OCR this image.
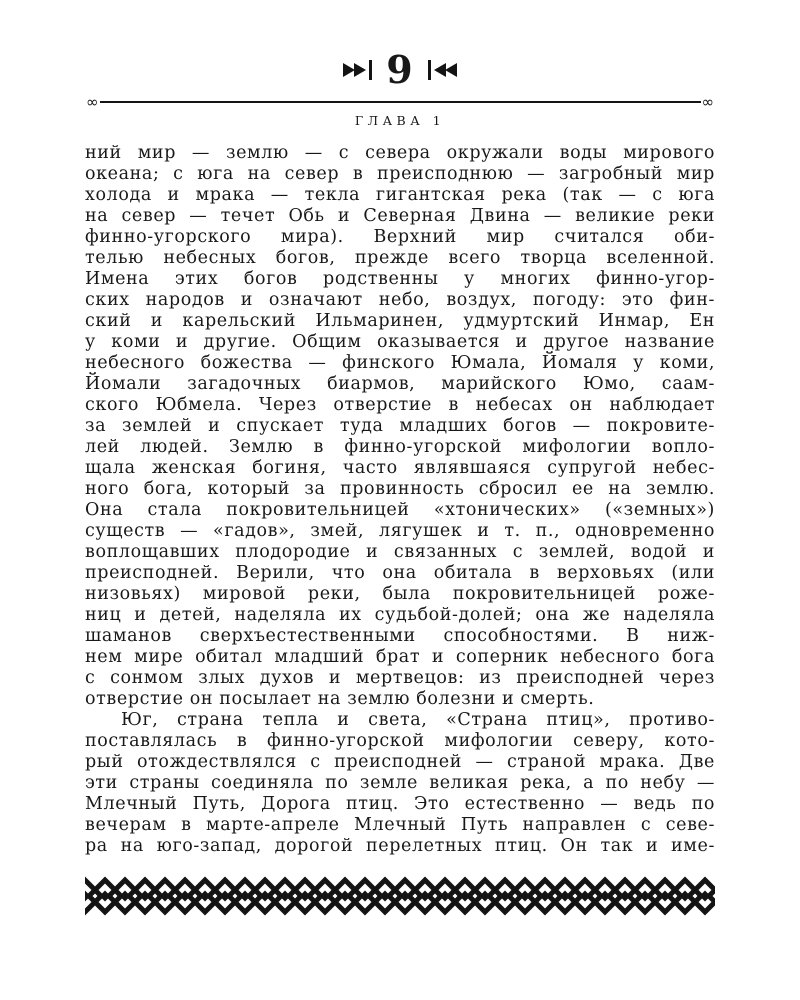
9
∞	∞
ГЛАВА 1
ний мир — землю — с севера окружали воды мирового
океана; с юга на север в преисподнюю — загробный мир
холода и мрака — текла гигантская река (так — с юга
на север — течет Обь и Северная Двина — великие реки
финно-угорского мира). Верхний мир считался оби-
телью небесных богов, прежде всего творца вселенной.
Имена этих богов родственны у многих финно-угор-
ских народов и означают небо, воздух, погоду: это фин-
ский и карельский Ильмаринен, удмуртский Инмар, Ен
у коми и другие. Общим оказывается и другое название
небесного божества — финского Юмала, Йомаля у коми,
Йомали загадочных биармов, марийского Юмо, саам-
ского Юбмела. Через отверстие в небесах он наблюдает
за землей и спускает туда младших богов — покровите-
лей людей. Землю в финно-угорской мифологии вопло-
щала женская богиня, часто являвшаяся супругой небес-
ного бога, который за провинность сбросил ее на землю.
Она стала покровительницей «хтонических» («земных»)
существ — «гадов», змей, лягушек и т. п., одновременно
воплощавших плодородие и связанных с землей, водой и
преисподней. Верили, что она обитала в верховьях (или
низовьях) мировой реки, была покровительницей роже-
ниц и детей, наделяла их судьбой-долей; она же наделяла
шаманов сверхъестественными способностями. В ниж-
нем мире обитал младший брат и соперник небесного бога
с сонмом злых духов и мертвецов: из преисподней через
отверстие он посылает на землю болезни и смерть.
Юг, страна тепла и света, «Страна птиц», противо-
поставлялась в финно-угорской мифологии северу, кото-
рый отождествлялся с преисподней — страной мрака. Две
эти страны соединяла по земле великая река, а по небу —
Млечный Путь, Дорога птиц. Это естественно — ведь по
вечерам в марте-апреле Млечный Путь направлен с севе-
ра на юго-запад, дорогой перелетных птиц. Он так и име-
